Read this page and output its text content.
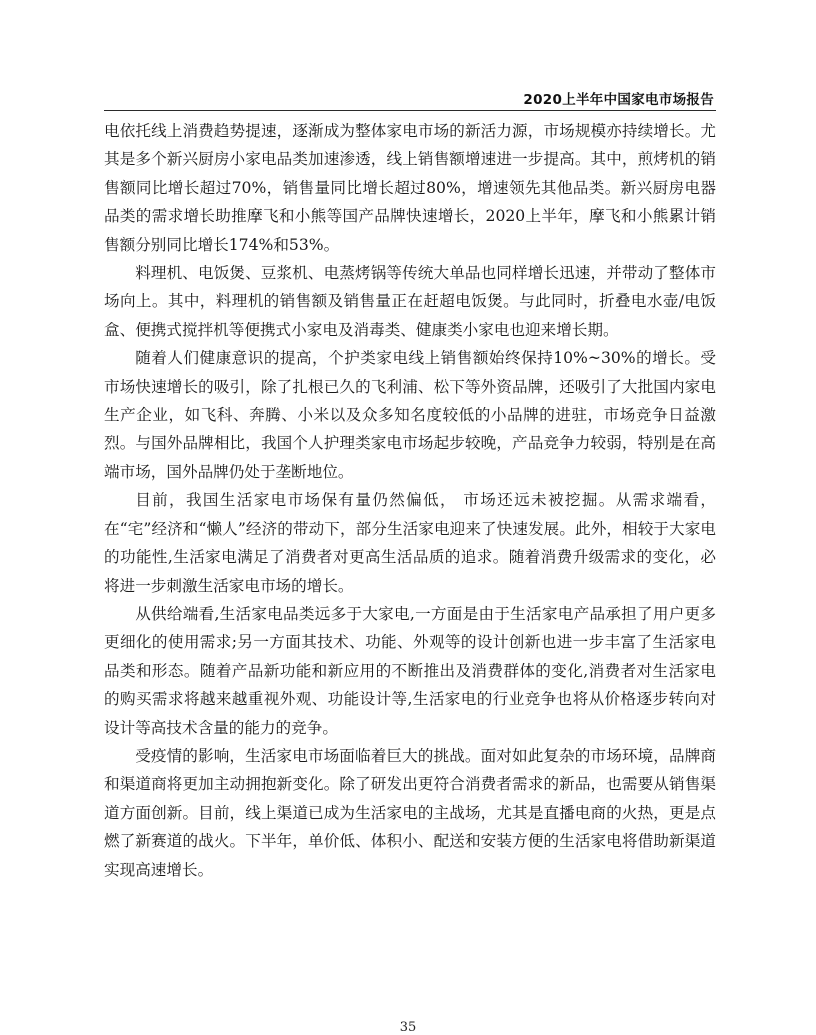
2020上半年中国家电市场报告

电依托线上消费趋势提速，逐渐成为整体家电市场的新活力源，市场规模亦持续增长。尤其是多个新兴厨房小家电品类加速渗透，线上销售额增速进一步提高。其中，煎烤机的销售额同比增长超过70%，销售量同比增长超过80%，增速领先其他品类。新兴厨房电器品类的需求增长助推摩飞和小熊等国产品牌快速增长，2020上半年，摩飞和小熊累计销售额分别同比增长174%和53%。

料理机、电饭煲、豆浆机、电蒸烤锅等传统大单品也同样增长迅速，并带动了整体市场向上。其中，料理机的销售额及销售量正在赶超电饭煲。与此同时，折叠电水壶/电饭盒、便携式搅拌机等便携式小家电及消毒类、健康类小家电也迎来增长期。

随着人们健康意识的提高，个护类家电线上销售额始终保持10%~30%的增长。受市场快速增长的吸引，除了扎根已久的飞利浦、松下等外资品牌，还吸引了大批国内家电生产企业，如飞科、奔腾、小米以及众多知名度较低的小品牌的进驻，市场竞争日益激烈。与国外品牌相比，我国个人护理类家电市场起步较晚，产品竞争力较弱，特别是在高端市场，国外品牌仍处于垄断地位。

目前，我国生活家电市场保有量仍然偏低， 市场还远未被挖掘。从需求端看，在“宅”经济和“懒人”经济的带动下，部分生活家电迎来了快速发展。此外，相较于大家电的功能性,生活家电满足了消费者对更高生活品质的追求。随着消费升级需求的变化，必将进一步刺激生活家电市场的增长。

从供给端看,生活家电品类远多于大家电,一方面是由于生活家电产品承担了用户更多更细化的使用需求;另一方面其技术、功能、外观等的设计创新也进一步丰富了生活家电品类和形态。随着产品新功能和新应用的不断推出及消费群体的变化,消费者对生活家电的购买需求将越来越重视外观、功能设计等,生活家电的行业竞争也将从价格逐步转向对设计等高技术含量的能力的竞争。

受疫情的影响，生活家电市场面临着巨大的挑战。面对如此复杂的市场环境，品牌商和渠道商将更加主动拥抱新变化。除了研发出更符合消费者需求的新品，也需要从销售渠道方面创新。目前，线上渠道已成为生活家电的主战场，尤其是直播电商的火热，更是点燃了新赛道的战火。下半年，单价低、体积小、配送和安装方便的生活家电将借助新渠道实现高速增长。

35
